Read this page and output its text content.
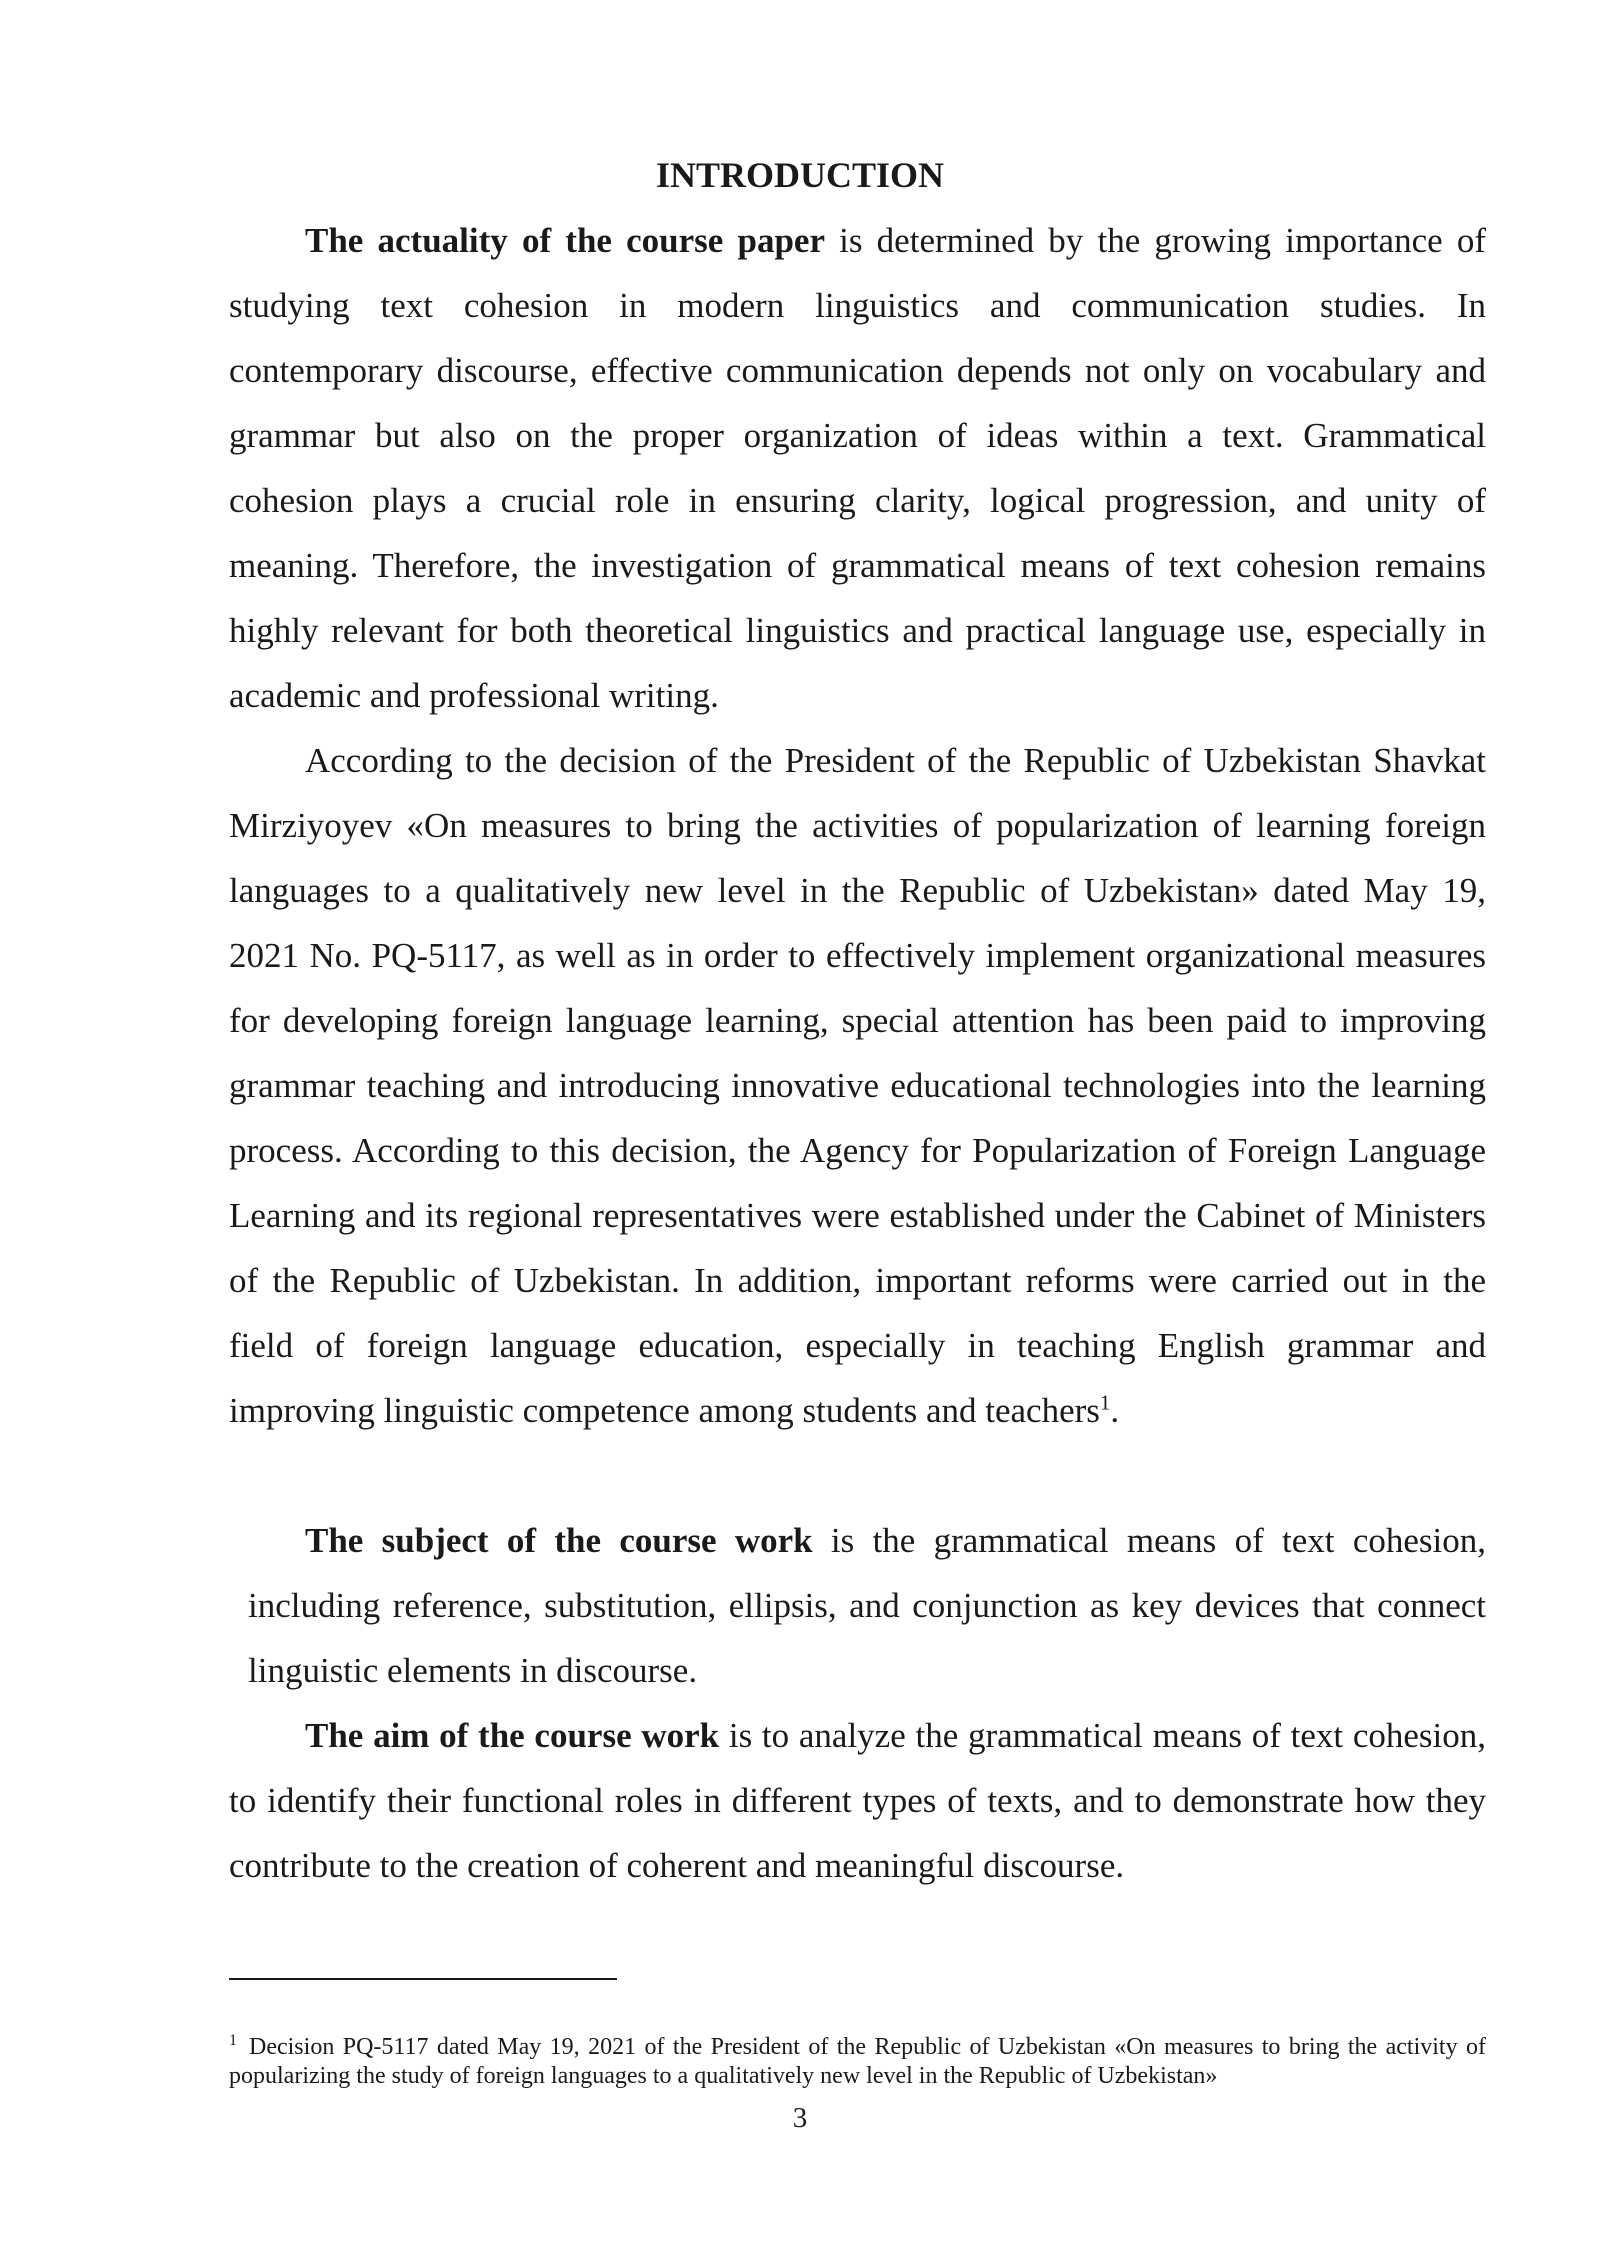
INTRODUCTION

The actuality of the course paper is determined by the growing importance of studying text cohesion in modern linguistics and communication studies. In contemporary discourse, effective communication depends not only on vocabulary and grammar but also on the proper organization of ideas within a text. Grammatical cohesion plays a crucial role in ensuring clarity, logical progression, and unity of meaning. Therefore, the investigation of grammatical means of text cohesion remains highly relevant for both theoretical linguistics and practical language use, especially in academic and professional writing.

According to the decision of the President of the Republic of Uzbekistan Shavkat Mirziyoyev «On measures to bring the activities of popularization of learning foreign languages to a qualitatively new level in the Republic of Uzbekistan» dated May 19, 2021 No. PQ-5117, as well as in order to effectively implement organizational measures for developing foreign language learning, special attention has been paid to improving grammar teaching and introducing innovative educational technologies into the learning process. According to this decision, the Agency for Popularization of Foreign Language Learning and its regional representatives were established under the Cabinet of Ministers of the Republic of Uzbekistan. In addition, important reforms were carried out in the field of foreign language education, especially in teaching English grammar and improving linguistic competence among students and teachers$^1$.

The subject of the course work is the grammatical means of text cohesion, including reference, substitution, ellipsis, and conjunction as key devices that connect linguistic elements in discourse.

The aim of the course work is to analyze the grammatical means of text cohesion, to identify their functional roles in different types of texts, and to demonstrate how they contribute to the creation of coherent and meaningful discourse.

$^1$ Decision PQ-5117 dated May 19, 2021 of the President of the Republic of Uzbekistan «On measures to bring the activity of popularizing the study of foreign languages to a qualitatively new level in the Republic of Uzbekistan»

3
